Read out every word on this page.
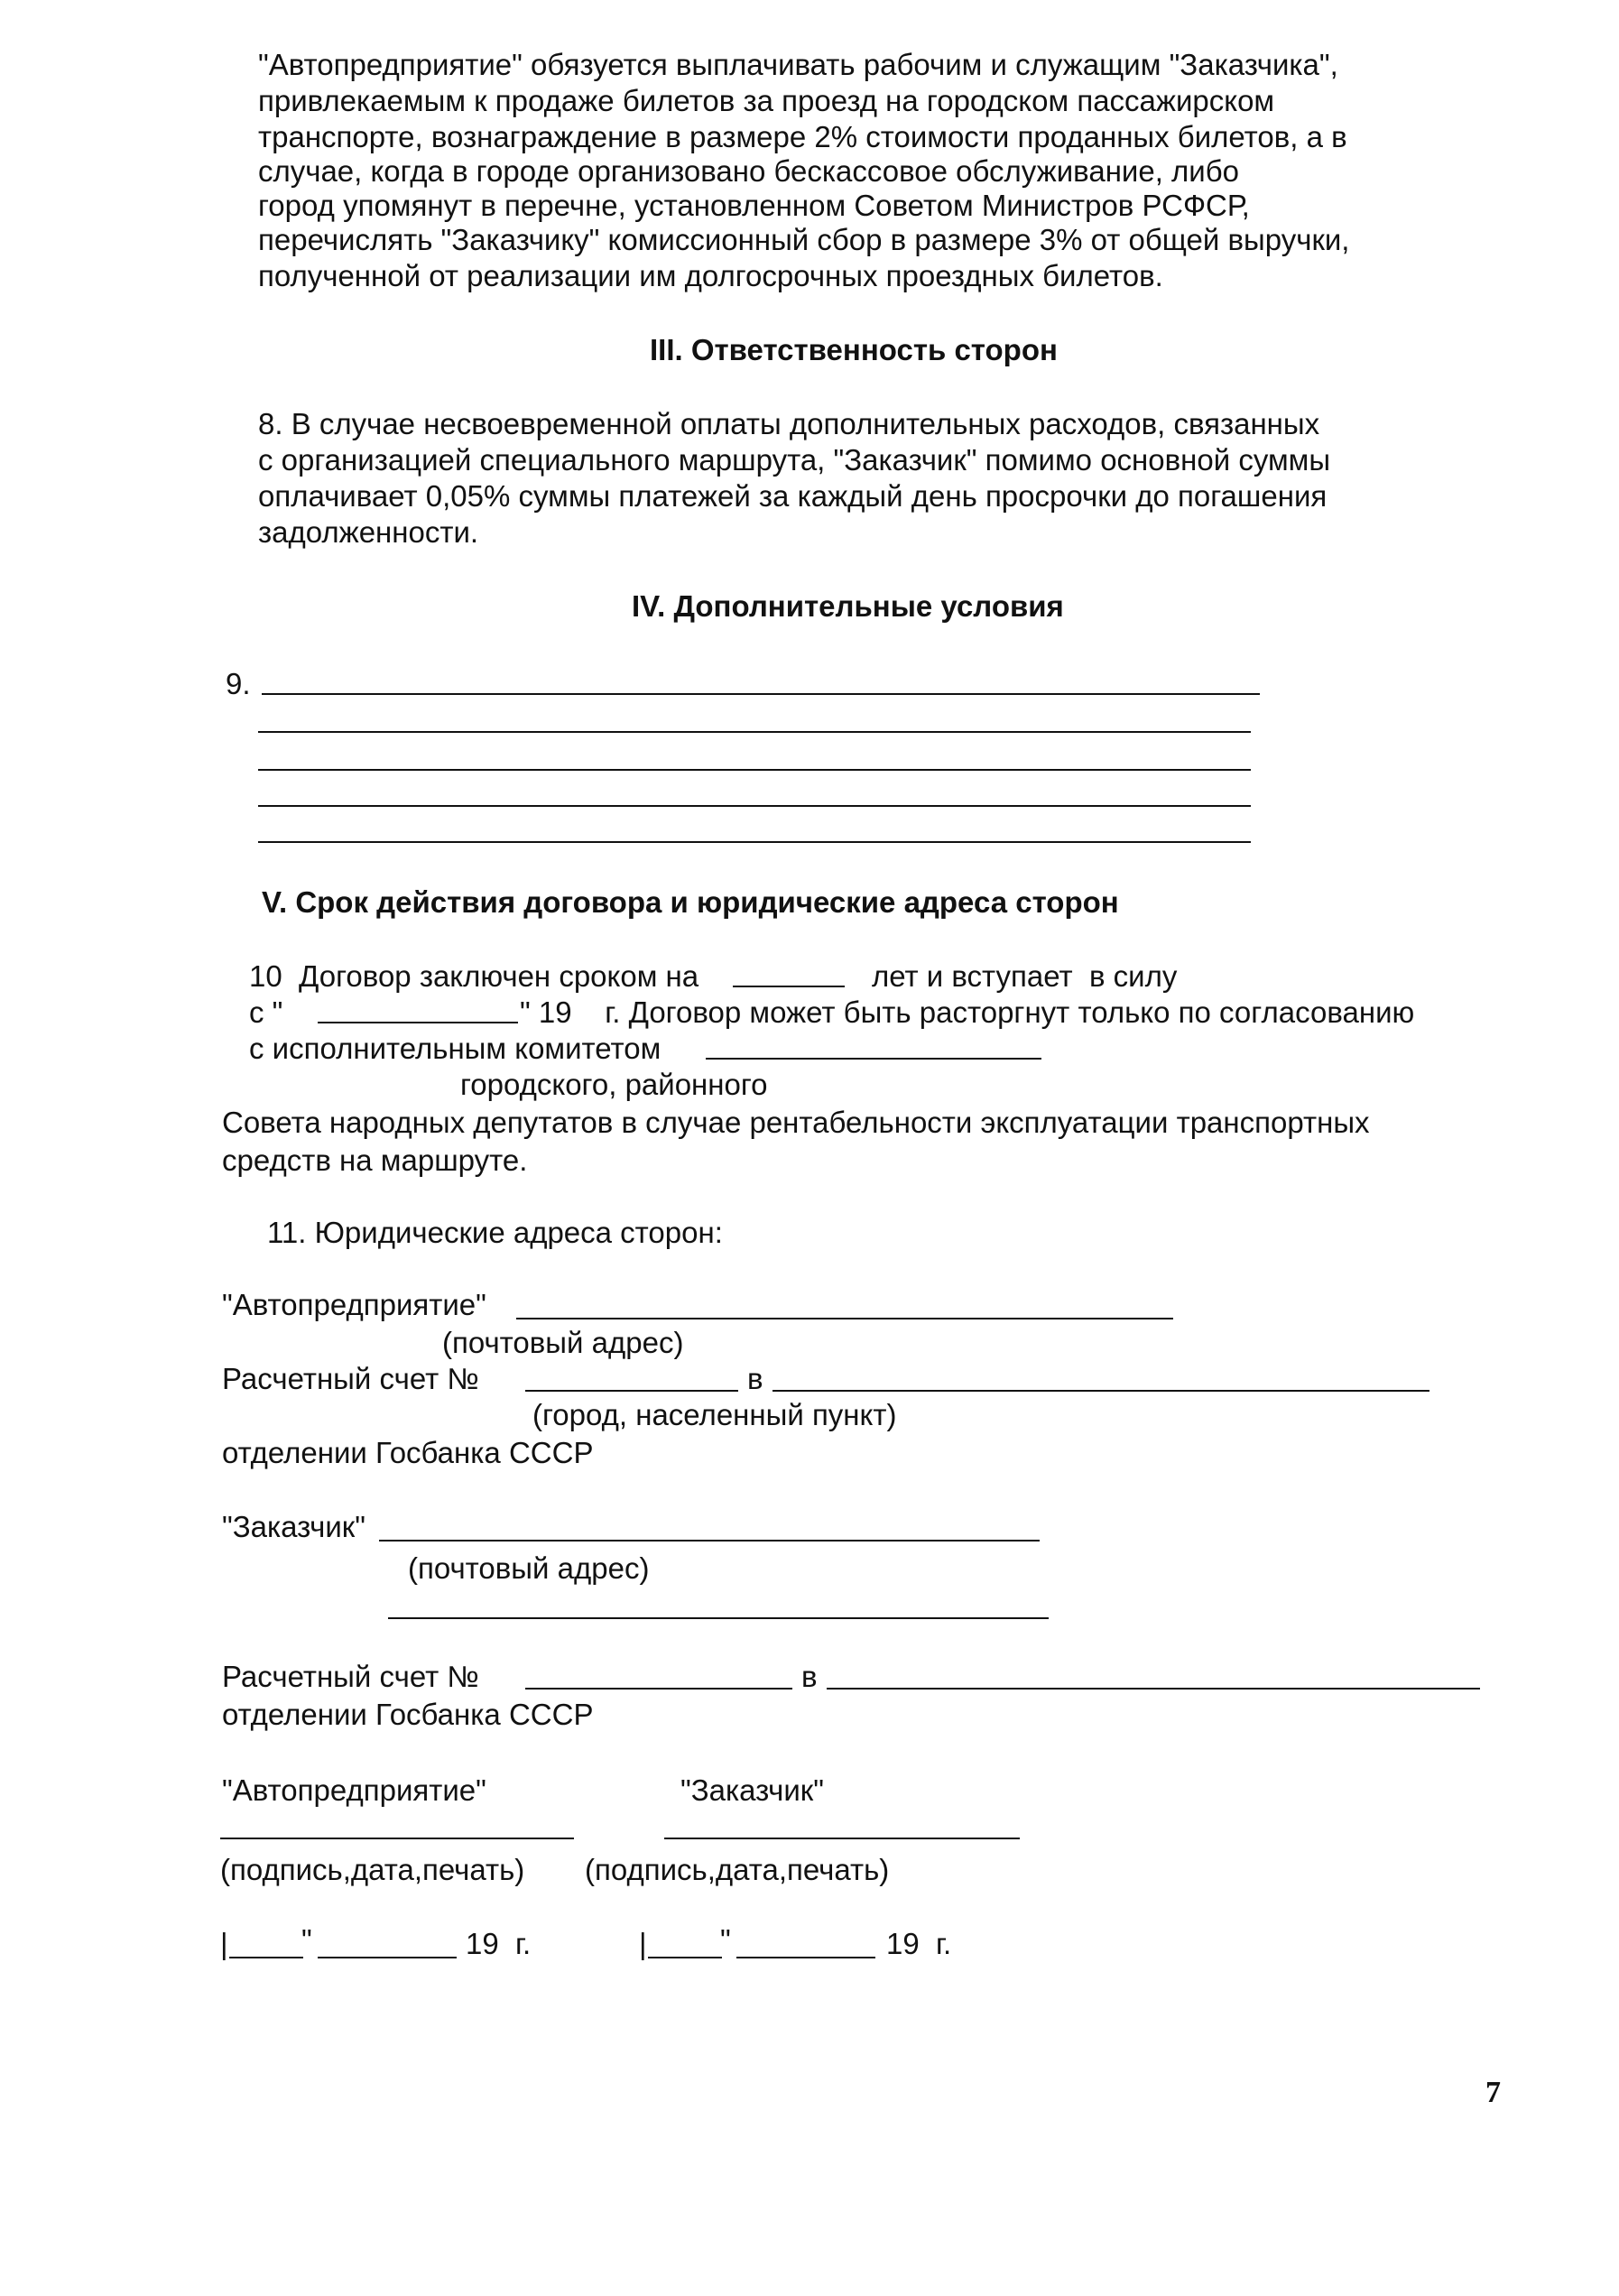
"Автопредприятие" обязуется выплачивать рабочим и служащим "Заказчика",
привлекаемым к продаже билетов за проезд на городском пассажирском
транспорте, вознаграждение в размере 2% стоимости проданных билетов, а в
случае, когда в городе организовано бескассовое обслуживание, либо
город упомянут в перечне, установленном Советом Министров РСФСР,
перечислять "Заказчику" комиссионный сбор в размере 3% от общей выручки,
полученной от реализации им долгосрочных проездных билетов.
III. Ответственность сторон
8. В случае несвоевременной оплаты дополнительных расходов, связанных
с организацией специального маршрута, "Заказчик" помимо основной суммы
оплачивает 0,05% суммы платежей за каждый день просрочки до погашения
задолженности.
IV. Дополнительные условия
9.
V. Срок действия договора и юридические адреса сторон
10  Договор заключен сроком на	лет и вступает  в силу
с "	" 19    г. Договор может быть расторгнут только по согласованию
с исполнительным комитетом
городского, районного
Совета народных депутатов в случае рентабельности эксплуатации транспортных
средств на маршруте.
11. Юридические адреса сторон:
"Автопредприятие"
(почтовый адрес)
Расчетный счет №	в
(город, населенный пункт)
отделении Госбанка СССР
"Заказчик"
(почтовый адрес)
Расчетный счет №	в
отделении Госбанка СССР
"Автопредприятие"	"Заказчик"
(подпись,дата,печать) (подпись,дата,печать)
| "	19  г.	| "	19  г.
7
